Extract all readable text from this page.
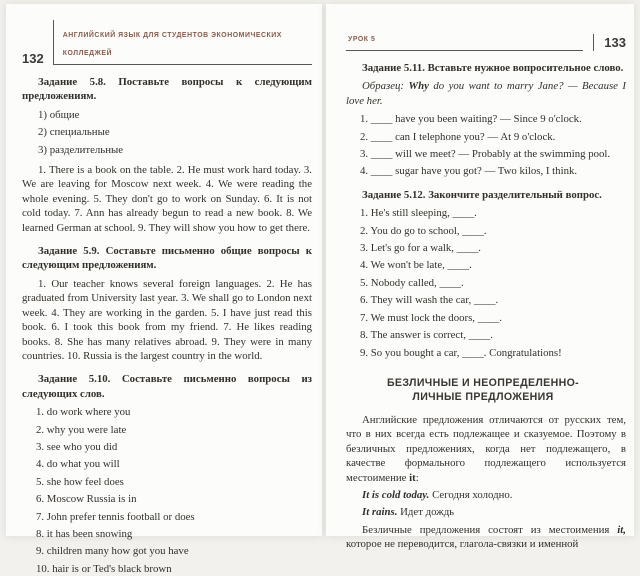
132
АНГЛИЙСКИЙ ЯЗЫК ДЛЯ СТУДЕНТОВ ЭКОНОМИЧЕСКИХ КОЛЛЕДЖЕЙ
Задание 5.8. Поставьте вопросы к следующим предложениям.
1) общие
2) специальные
3) разделительные
1. There is a book on the table. 2. He must work hard today. 3. We are leaving for Moscow next week. 4. We were reading the whole evening. 5. They don't go to work on Sunday. 6. It is not cold today. 7. Ann has already begun to read a new book. 8. We learned German at school. 9. They will show you how to get there.
Задание 5.9. Составьте письменно общие вопросы к следующим предложениям.
1. Our teacher knows several foreign languages. 2. He has graduated from University last year. 3. We shall go to London next week. 4. They are working in the garden. 5. I have just read this book. 6. I took this book from my friend. 7. He likes reading books. 8. She has many relatives abroad. 9. They were in many countries. 10. Russia is the largest country in the world.
Задание 5.10. Составьте письменно вопросы из следующих слов.
1. do work where you
2. why you were late
3. see who you did
4. do what you will
5. she how feel does
6. Moscow Russia is in
7. John prefer tennis football or does
8. it has been snowing
9. children many how got you have
10. hair is or Ted's black brown
УРОК 5	133
Задание 5.11. Вставьте нужное вопросительное слово.
Образец: Why do you want to marry Jane? — Because I love her.
1. ____ have you been waiting? — Since 9 o'clock.
2. ____ can I telephone you? — At 9 o'clock.
3. ____ will we meet? — Probably at the swimming pool.
4. ____ sugar have you got? — Two kilos, I think.
Задание 5.12. Закончите разделительный вопрос.
1. He's still sleeping, ____.
2. You do go to school, ____.
3. Let's go for a walk, ____.
4. We won't be late, ____.
5. Nobody called, ____.
6. They will wash the car, ____.
7. We must lock the doors, ____.
8. The answer is correct, ____.
9. So you bought a car, ____. Congratulations!
БЕЗЛИЧНЫЕ И НЕОПРЕДЕЛЕННО-ЛИЧНЫЕ ПРЕДЛОЖЕНИЯ
Английские предложения отличаются от русских тем, что в них всегда есть подлежащее и сказуемое. Поэтому в безличных предложениях, когда нет подлежащего, в качестве формального подлежащего используется местоимение it:
It is cold today. Сегодня холодно.
It rains. Идет дождь
Безличные предложения состоят из местоимения it, которое не переводится, глагола-связки и именной
